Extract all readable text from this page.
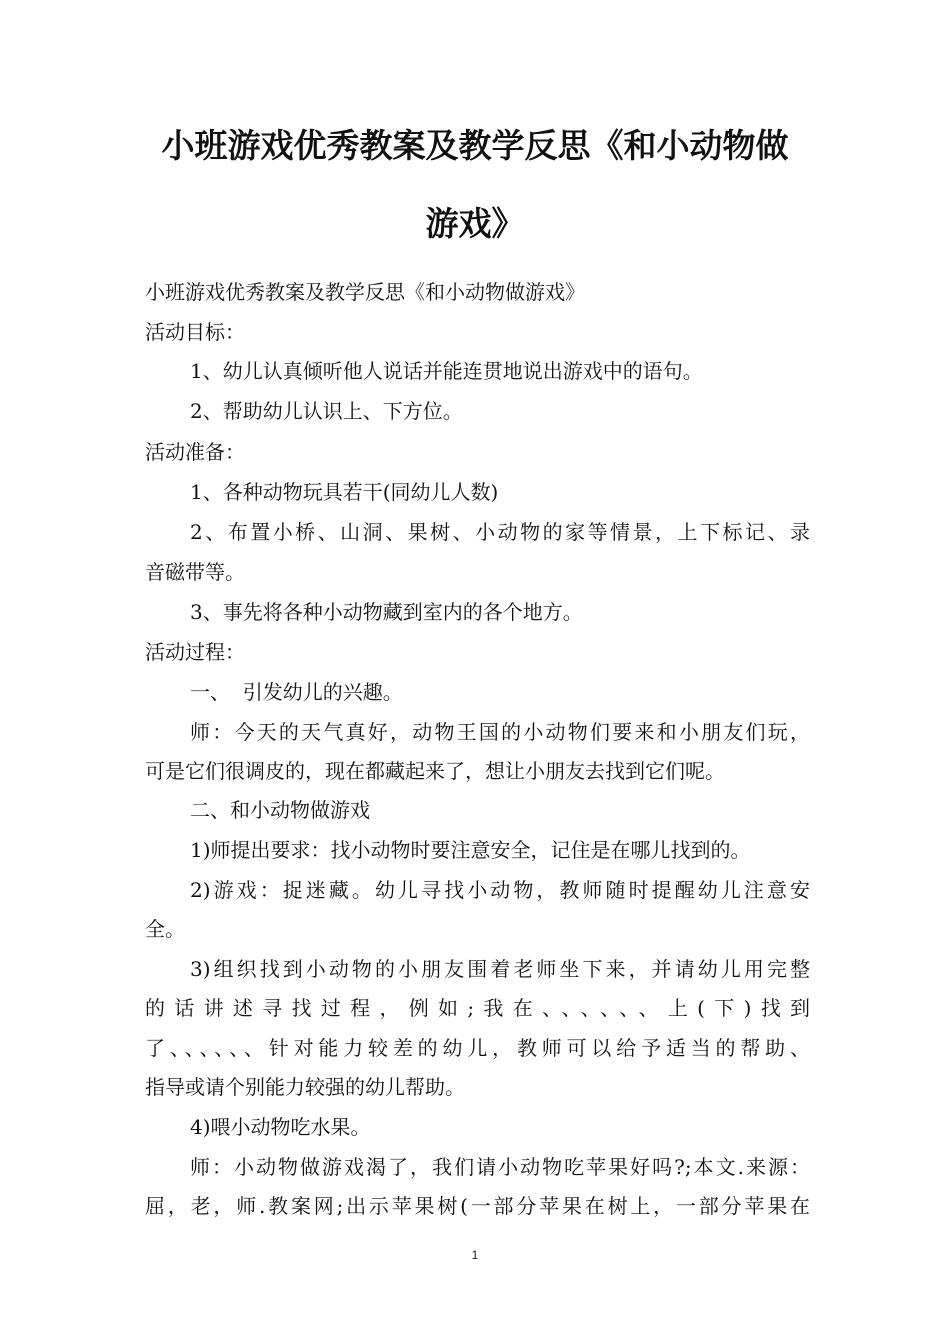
小班游戏优秀教案及教学反思《和小动物做
游戏》
小班游戏优秀教案及教学反思《和小动物做游戏》
活动目标：
1、幼儿认真倾听他人说话并能连贯地说出游戏中的语句。
2、帮助幼儿认识上、下方位。
活动准备：
1、各种动物玩具若干(同幼儿人数)
2、布置小桥、山洞、果树、小动物的家等情景，上下标记、录
音磁带等。
3、事先将各种小动物藏到室内的各个地方。
活动过程：
一、  引发幼儿的兴趣。
师：今天的天气真好，动物王国的小动物们要来和小朋友们玩，
可是它们很调皮的，现在都藏起来了，想让小朋友去找到它们呢。
二、和小动物做游戏
1)师提出要求：找小动物时要注意安全，记住是在哪儿找到的。
2)游戏：捉迷藏。幼儿寻找小动物，教师随时提醒幼儿注意安
全。
3)组织找到小动物的小朋友围着老师坐下来，并请幼儿用完整
的话讲述寻找过程，例如;我在、、、、、、上(下)找到
了、、、、、、针对能力较差的幼儿，教师可以给予适当的帮助、
指导或请个别能力较强的幼儿帮助。
4)喂小动物吃水果。
师：小动物做游戏渴了，我们请小动物吃苹果好吗?;本文.来源：
屈，老，师.教案网;出示苹果树(一部分苹果在树上，一部分苹果在
1
